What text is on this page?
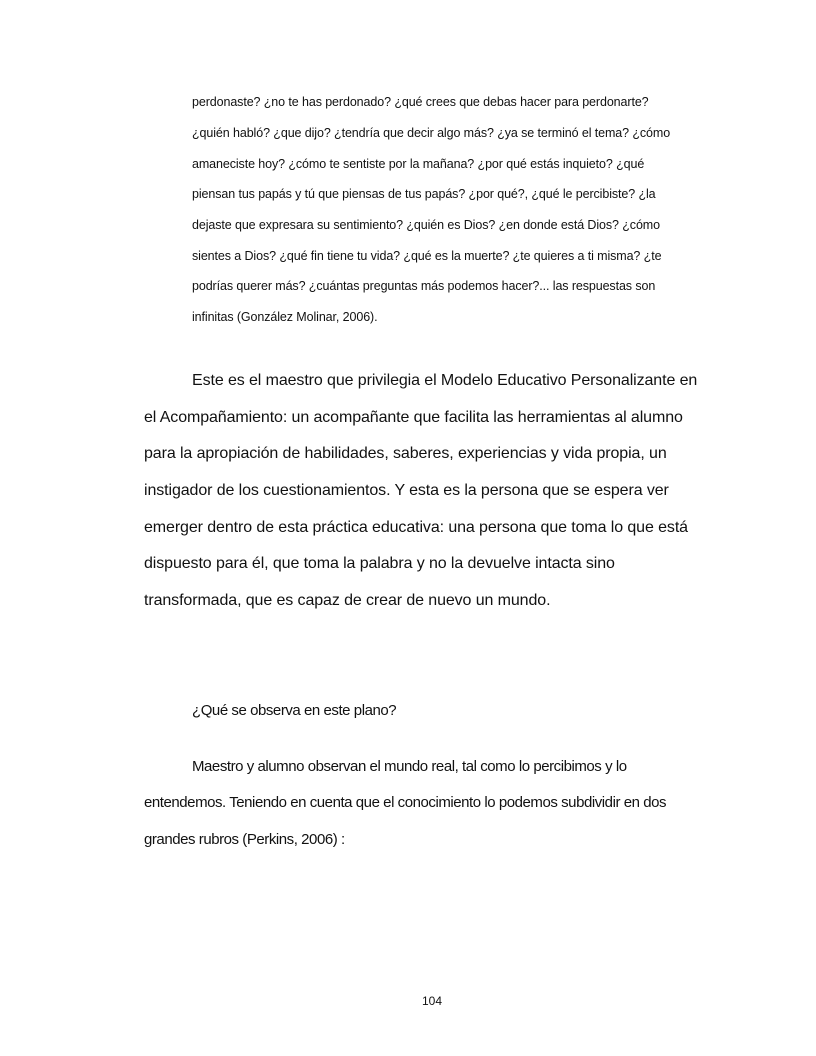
perdonaste? ¿no te has perdonado? ¿qué crees que debas hacer para perdonarte?

¿quién habló? ¿que dijo? ¿tendría que decir algo más? ¿ya se terminó el tema? ¿cómo

amaneciste hoy? ¿cómo te sentiste por la mañana? ¿por qué estás inquieto? ¿qué

piensan tus papás y tú que piensas de tus papás? ¿por qué?, ¿qué le percibiste? ¿la

dejaste que expresara su sentimiento? ¿quién es Dios? ¿en donde está Dios? ¿cómo

sientes a Dios? ¿qué fin tiene tu vida? ¿qué es la muerte? ¿te quieres a ti misma? ¿te

podrías querer más? ¿cuántas preguntas más podemos hacer?... las respuestas son

infinitas (González Molinar, 2006).

Este es el maestro que privilegia el Modelo Educativo Personalizante en

el Acompañamiento: un acompañante que facilita las herramientas al alumno

para la apropiación de habilidades, saberes, experiencias y vida propia, un

instigador de los cuestionamientos. Y esta es la persona que se espera ver

emerger dentro de esta práctica educativa: una persona que toma lo que está

dispuesto para él, que toma la palabra y no la devuelve intacta sino

transformada, que es capaz de crear de nuevo un mundo.

¿Qué se observa en este plano?

Maestro y alumno observan el mundo real, tal como lo percibimos y lo

entendemos. Teniendo en cuenta que el conocimiento lo podemos subdividir en dos

grandes rubros (Perkins, 2006) :

104
